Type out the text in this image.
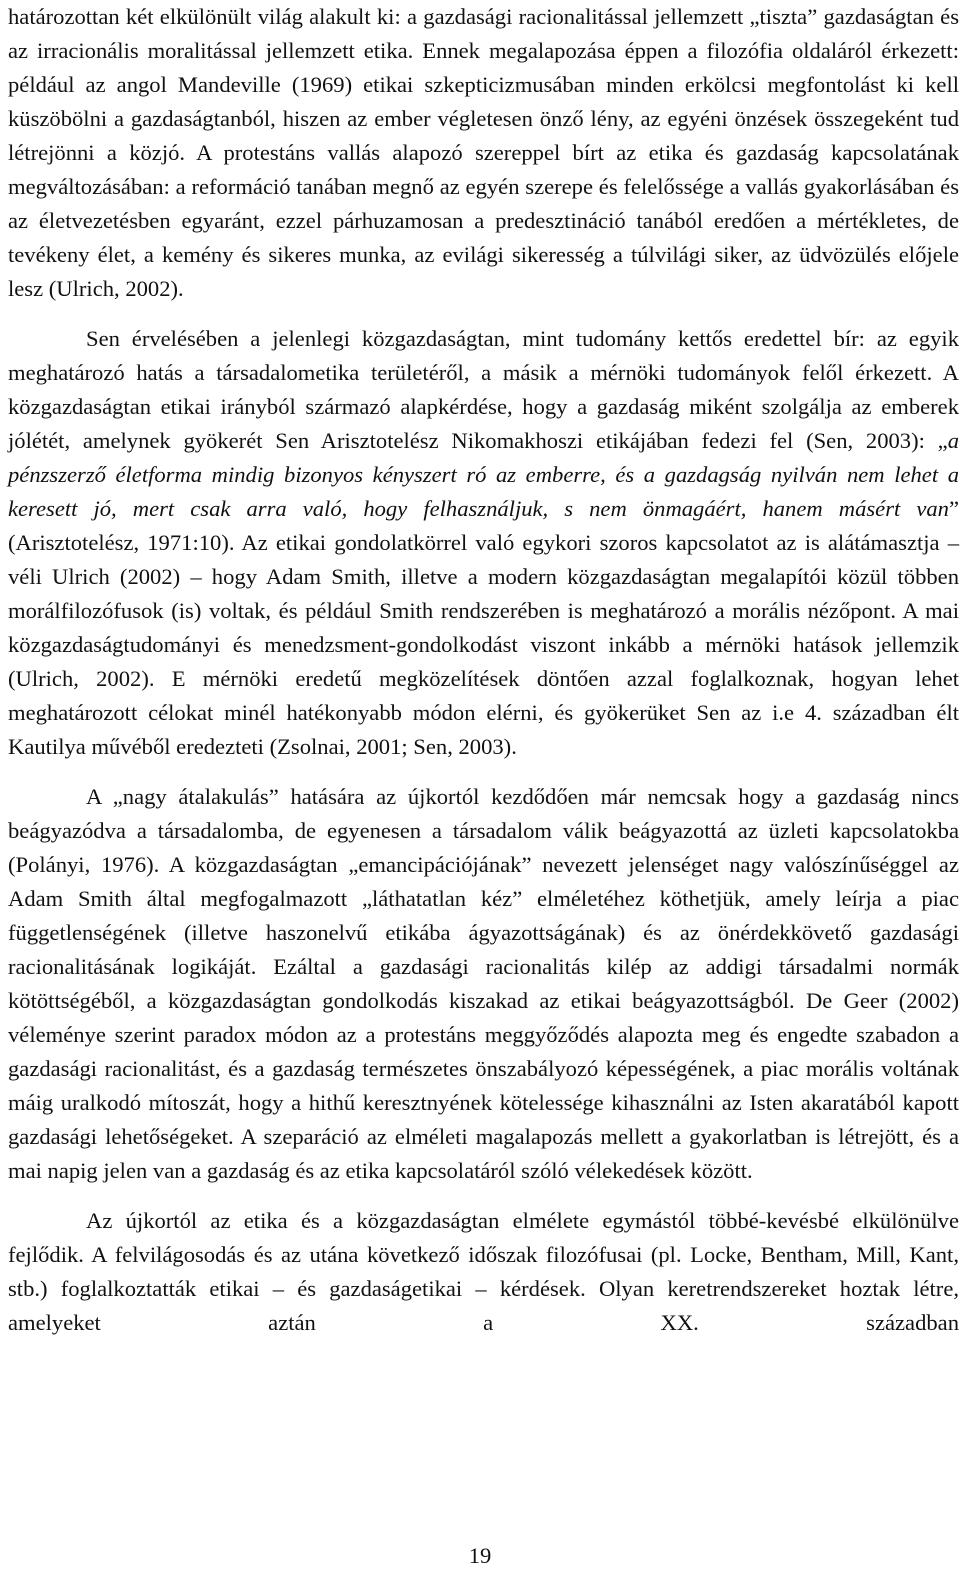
határozottan két elkülönült világ alakult ki: a gazdasági racionalitással jellemzett „tiszta” gazdaságtan és az irracionális moralitással jellemzett etika. Ennek megalapozása éppen a filozófia oldaláról érkezett: például az angol Mandeville (1969) etikai szkepticizmusában minden erkölcsi megfontolást ki kell küszöbölni a gazdaságtanból, hiszen az ember végletesen önző lény, az egyéni önzések összegeként tud létrejönni a közjó. A protestáns vallás alapozó szereppel bírt az etika és gazdaság kapcsolatának megváltozásában: a reformáció tanában megnő az egyén szerepe és felelőssége a vallás gyakorlásában és az életvezetésben egyaránt, ezzel párhuzamosan a predesztináció tanából eredően a mértékletes, de tevékeny élet, a kemény és sikeres munka, az evilági sikeresség a túlvilági siker, az üdvözülés előjele lesz (Ulrich, 2002).

Sen érvelésében a jelenlegi közgazdaságtan, mint tudomány kettős eredettel bír: az egyik meghatározó hatás a társadalometika területéről, a másik a mérnöki tudományok felől érkezett. A közgazdaságtan etikai irányból származó alapkérdése, hogy a gazdaság miként szolgálja az emberek jólétét, amelynek gyökerét Sen Arisztotelész Nikomakhoszi etikájában fedezi fel (Sen, 2003): „a pénzszerző életforma mindig bizonyos kényszert ró az emberre, és a gazdagság nyilván nem lehet a keresett jó, mert csak arra való, hogy felhasználjuk, s nem önmagáért, hanem másért van” (Arisztotelész, 1971:10). Az etikai gondolatkörrel való egykori szoros kapcsolatot az is alátámasztja – véli Ulrich (2002) – hogy Adam Smith, illetve a modern közgazdaságtan megalapítói közül többen morálfilozófusok (is) voltak, és például Smith rendszerében is meghatározó a morális nézőpont. A mai közgazdaságtudományi és menedzsment-gondolkodást viszont inkább a mérnöki hatások jellemzik (Ulrich, 2002). E mérnöki eredetű megközelítések döntően azzal foglalkoznak, hogyan lehet meghatározott célokat minél hatékonyabb módon elérni, és gyökerüket Sen az i.e 4. században élt Kautilya művéből eredezteti (Zsolnai, 2001; Sen, 2003).

A „nagy átalakulás” hatására az újkortól kezdődően már nemcsak hogy a gazdaság nincs beágyazódva a társadalomba, de egyenesen a társadalom válik beágyazottá az üzleti kapcsolatokba (Polányi, 1976). A közgazdaságtan „emancipációjának” nevezett jelenséget nagy valószínűséggel az Adam Smith által megfogalmazott „láthatatlan kéz” elméletéhez köthetjük, amely leírja a piac függetlenségének (illetve haszonelvű etikába ágyazottságának) és az önérdekkövető gazdasági racionalitásának logikáját. Ezáltal a gazdasági racionalitás kilép az addigi társadalmi normák kötöttségéből, a közgazdaságtan gondolkodás kiszakad az etikai beágyazottságból. De Geer (2002) véleménye szerint paradox módon az a protestáns meggyőződés alapozta meg és engedte szabadon a gazdasági racionalitást, és a gazdaság természetes önszabályozó képességének, a piac morális voltának máig uralkodó mítoszát, hogy a hithű keresztnyének kötelessége kihasználni az Isten akaratából kapott gazdasági lehetőségeket. A szeparáció az elméleti magalapozás mellett a gyakorlatban is létrejött, és a mai napig jelen van a gazdaság és az etika kapcsolatáról szóló vélekedések között.

Az újkortól az etika és a közgazdaságtan elmélete egymástól többé-kevésbé elkülönülve fejlődik. A felvilágosodás és az utána következő időszak filozófusai (pl. Locke, Bentham, Mill, Kant, stb.) foglalkoztatták etikai – és gazdaságetikai – kérdések. Olyan keretrendszereket hoztak létre, amelyeket aztán a XX. században

19
